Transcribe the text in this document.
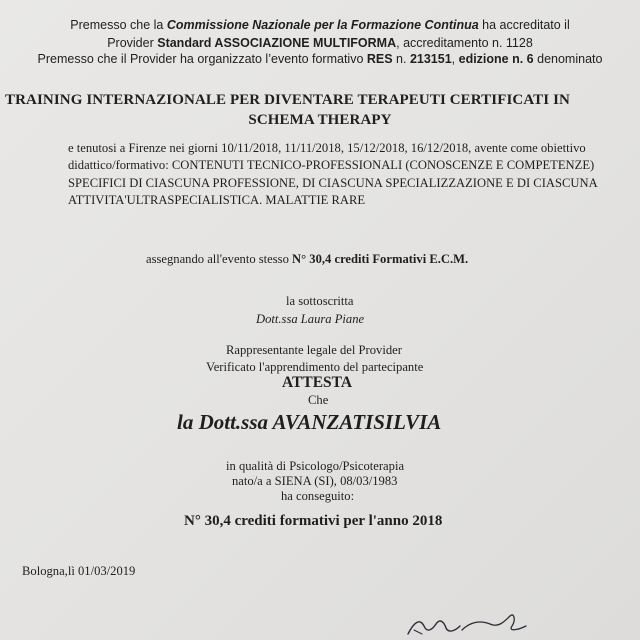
Premesso che la Commissione Nazionale per la Formazione Continua ha accreditato il
Provider Standard ASSOCIAZIONE MULTIFORMA, accreditamento n. 1128
Premesso che il Provider ha organizzato l’evento formativo RES n. 213151, edizione n. 6 denominato
TRAINING INTERNAZIONALE PER DIVENTARE TERAPEUTI CERTIFICATI IN
SCHEMA THERAPY
e tenutosi a Firenze nei giorni 10/11/2018, 11/11/2018, 15/12/2018, 16/12/2018, avente come obiettivo
didattico/formativo: CONTENUTI TECNICO-PROFESSIONALI (CONOSCENZE E COMPETENZE)
SPECIFICI DI CIASCUNA PROFESSIONE, DI CIASCUNA SPECIALIZZAZIONE E DI CIASCUNA
ATTIVITA'ULTRASPECIALISTICA. MALATTIE RARE
assegnando all'evento stesso N° 30,4 crediti Formativi E.C.M.
la sottoscritta
Dott.ssa Laura Piane
Rappresentante legale del Provider
Verificato l'apprendimento del partecipante
ATTESTA
Che
la Dott.ssa AVANZATISILVIA
in qualità di Psicologo/Psicoterapia
nato/a a SIENA (SI), 08/03/1983
ha conseguito:
N° 30,4 crediti formativi per l'anno 2018
Bologna,lì 01/03/2019
